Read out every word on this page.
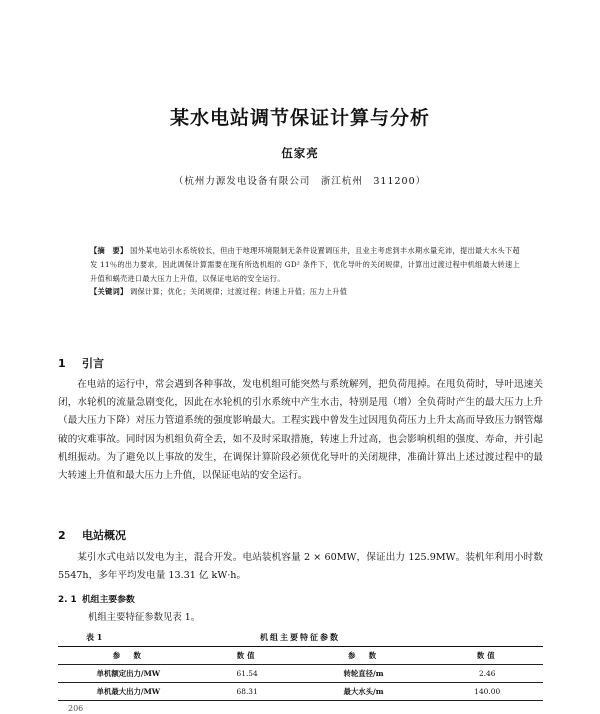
某水电站调节保证计算与分析
伍家亮
（杭州力源发电设备有限公司　浙江杭州　311200）

【摘　要】 国外某电站引水系统较长，但由于地理环境限制无条件设置调压井，且业主考虑到丰水期水量充沛，提出最大水头下超发 11％的出力要求，因此调保计算需要在现有所选机组的 GD² 条件下，优化导叶的关闭规律，计算出过渡过程中机组最大转速上升值和蜗壳进口最大压力上升值，以保证电站的安全运行。

【关键词】 调保计算；优化；关闭规律；过渡过程；转速上升值；压力上升值

1 引言

在电站的运行中，常会遇到各种事故，发电机组可能突然与系统解列，把负荷甩掉。在甩负荷时，导叶迅速关闭，水轮机的流量急剧变化，因此在水轮机的引水系统中产生水击，特别是甩（增）全负荷时产生的最大压力上升（最大压力下降）对压力管道系统的强度影响最大。工程实践中曾发生过因甩负荷压力上升太高而导致压力钢管爆破的灾难事故。同时因为机组负荷全丢，如不及时采取措施，转速上升过高，也会影响机组的强度、寿命，并引起机组振动。为了避免以上事故的发生，在调保计算阶段必须优化导叶的关闭规律，准确计算出上述过渡过程中的最大转速上升值和最大压力上升值，以保证电站的安全运行。

2 电站概况

某引水式电站以发电为主，混合开发。电站装机容量 2 × 60MW，保证出力 125.9MW。装机年利用小时数 5547h，多年平均发电量 13.31 亿 kW·h。

2. 1 机组主要参数
机组主要特征参数见表 1。
表 1	机组主要特征参数
参　数	数值	参　数	数值
单机额定出力/MW	61.54	转轮直径/m	2.46
单机最大出力/MW	68.31	最大水头/m	140.00
206
